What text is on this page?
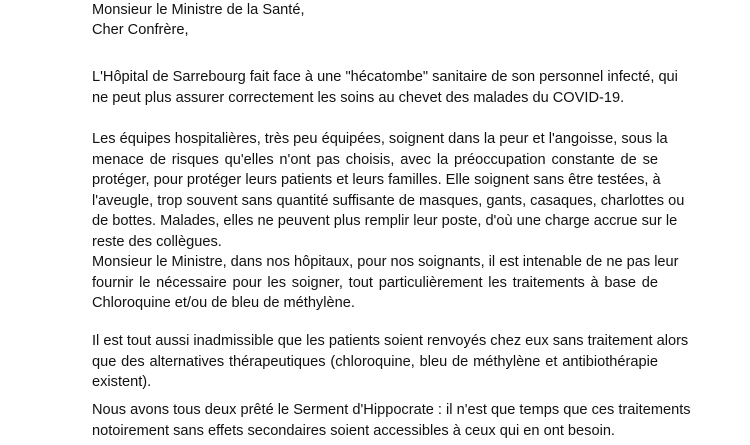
Monsieur le Ministre de la Santé,

Cher Confrère,

L'Hôpital de Sarrebourg fait face à une "hécatombe" sanitaire de son personnel infecté, qui
ne peut plus assurer correctement les soins au chevet des malades du COVID-19.

Les équipes hospitalières, très peu équipées, soignent dans la peur et l'angoisse, sous la
menace de risques qu'elles n'ont pas choisis, avec la préoccupation constante de se
protéger, pour protéger leurs patients et leurs familles. Elle soignent sans être testées, à
l'aveugle, trop souvent sans quantité suffisante de masques, gants, casaques, charlottes ou
de bottes. Malades, elles ne peuvent plus remplir leur poste, d'où une charge accrue sur le
reste des collègues.

Monsieur le Ministre, dans nos hôpitaux, pour nos soignants, il est intenable de ne pas leur
fournir le nécessaire pour les soigner, tout particulièrement les traitements à base de
Chloroquine et/ou de bleu de méthylène.

Il est tout aussi inadmissible que les patients soient renvoyés chez eux sans traitement alors
que des alternatives thérapeutiques (chloroquine, bleu de méthylène et antibiothérapie
existent).

Nous avons tous deux prêté le Serment d'Hippocrate : il n'est que temps que ces traitements
notoirement sans effets secondaires soient accessibles à ceux qui en ont besoin.
